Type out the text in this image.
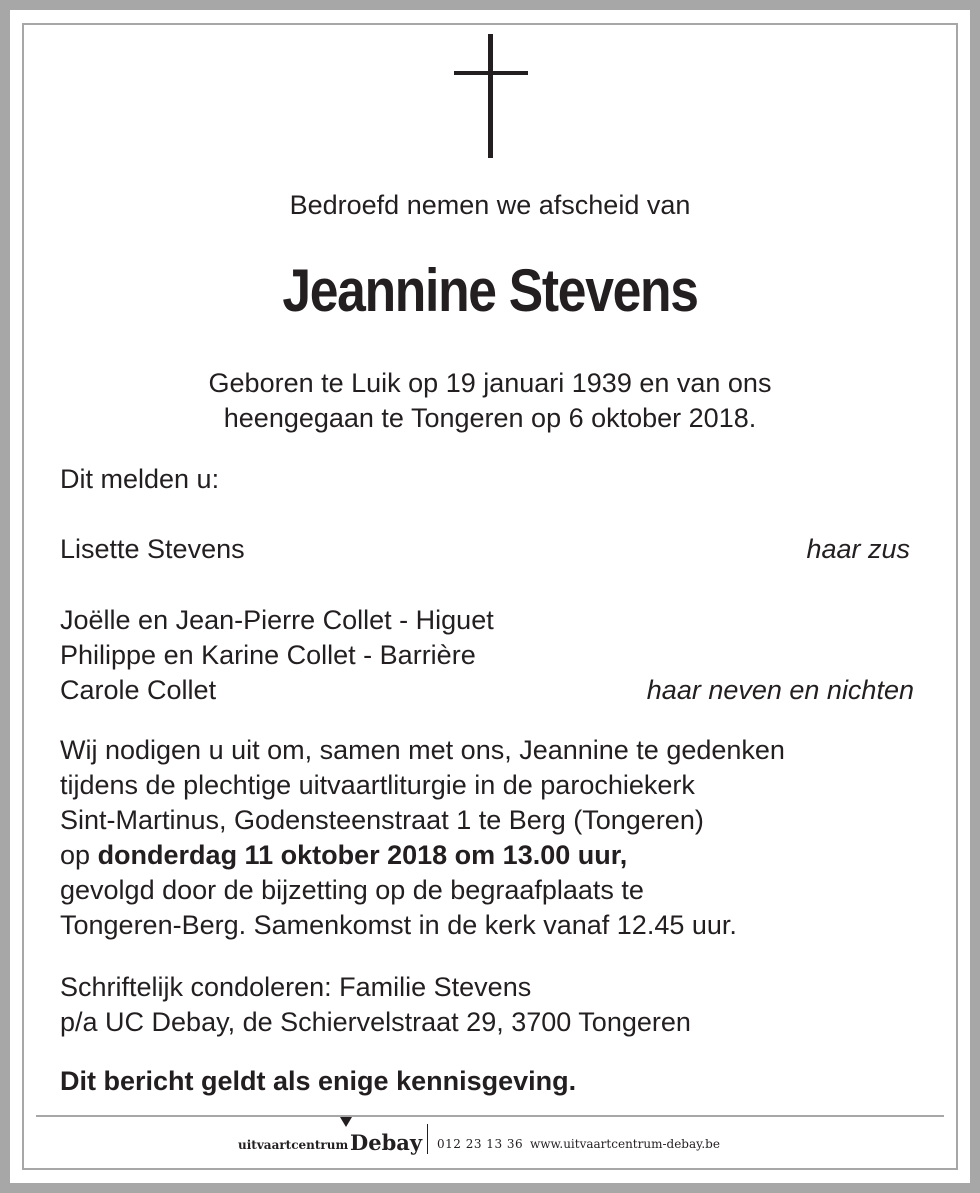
Bedroefd nemen we afscheid van
Jeannine Stevens
Geboren te Luik op 19 januari 1939 en van ons
heengegaan te Tongeren op 6 oktober 2018.
Dit melden u:
Lisette Stevens	haar zus
Joëlle en Jean-Pierre Collet - Higuet
Philippe en Karine Collet - Barrière
Carole Collet	haar neven en nichten
Wij nodigen u uit om, samen met ons, Jeannine te gedenken
tijdens de plechtige uitvaartliturgie in de parochiekerk
Sint-Martinus, Godensteenstraat 1 te Berg (Tongeren)
op donderdag 11 oktober 2018 om 13.00 uur,
gevolgd door de bijzetting op de begraafplaats te
Tongeren-Berg. Samenkomst in de kerk vanaf 12.45 uur.
Schriftelijk condoleren: Familie Stevens
p/a UC Debay, de Schiervelstraat 29, 3700 Tongeren
Dit bericht geldt als enige kennisgeving.
uitvaartcentrum Debay 012 23 13 36 www.uitvaartcentrum-debay.be
